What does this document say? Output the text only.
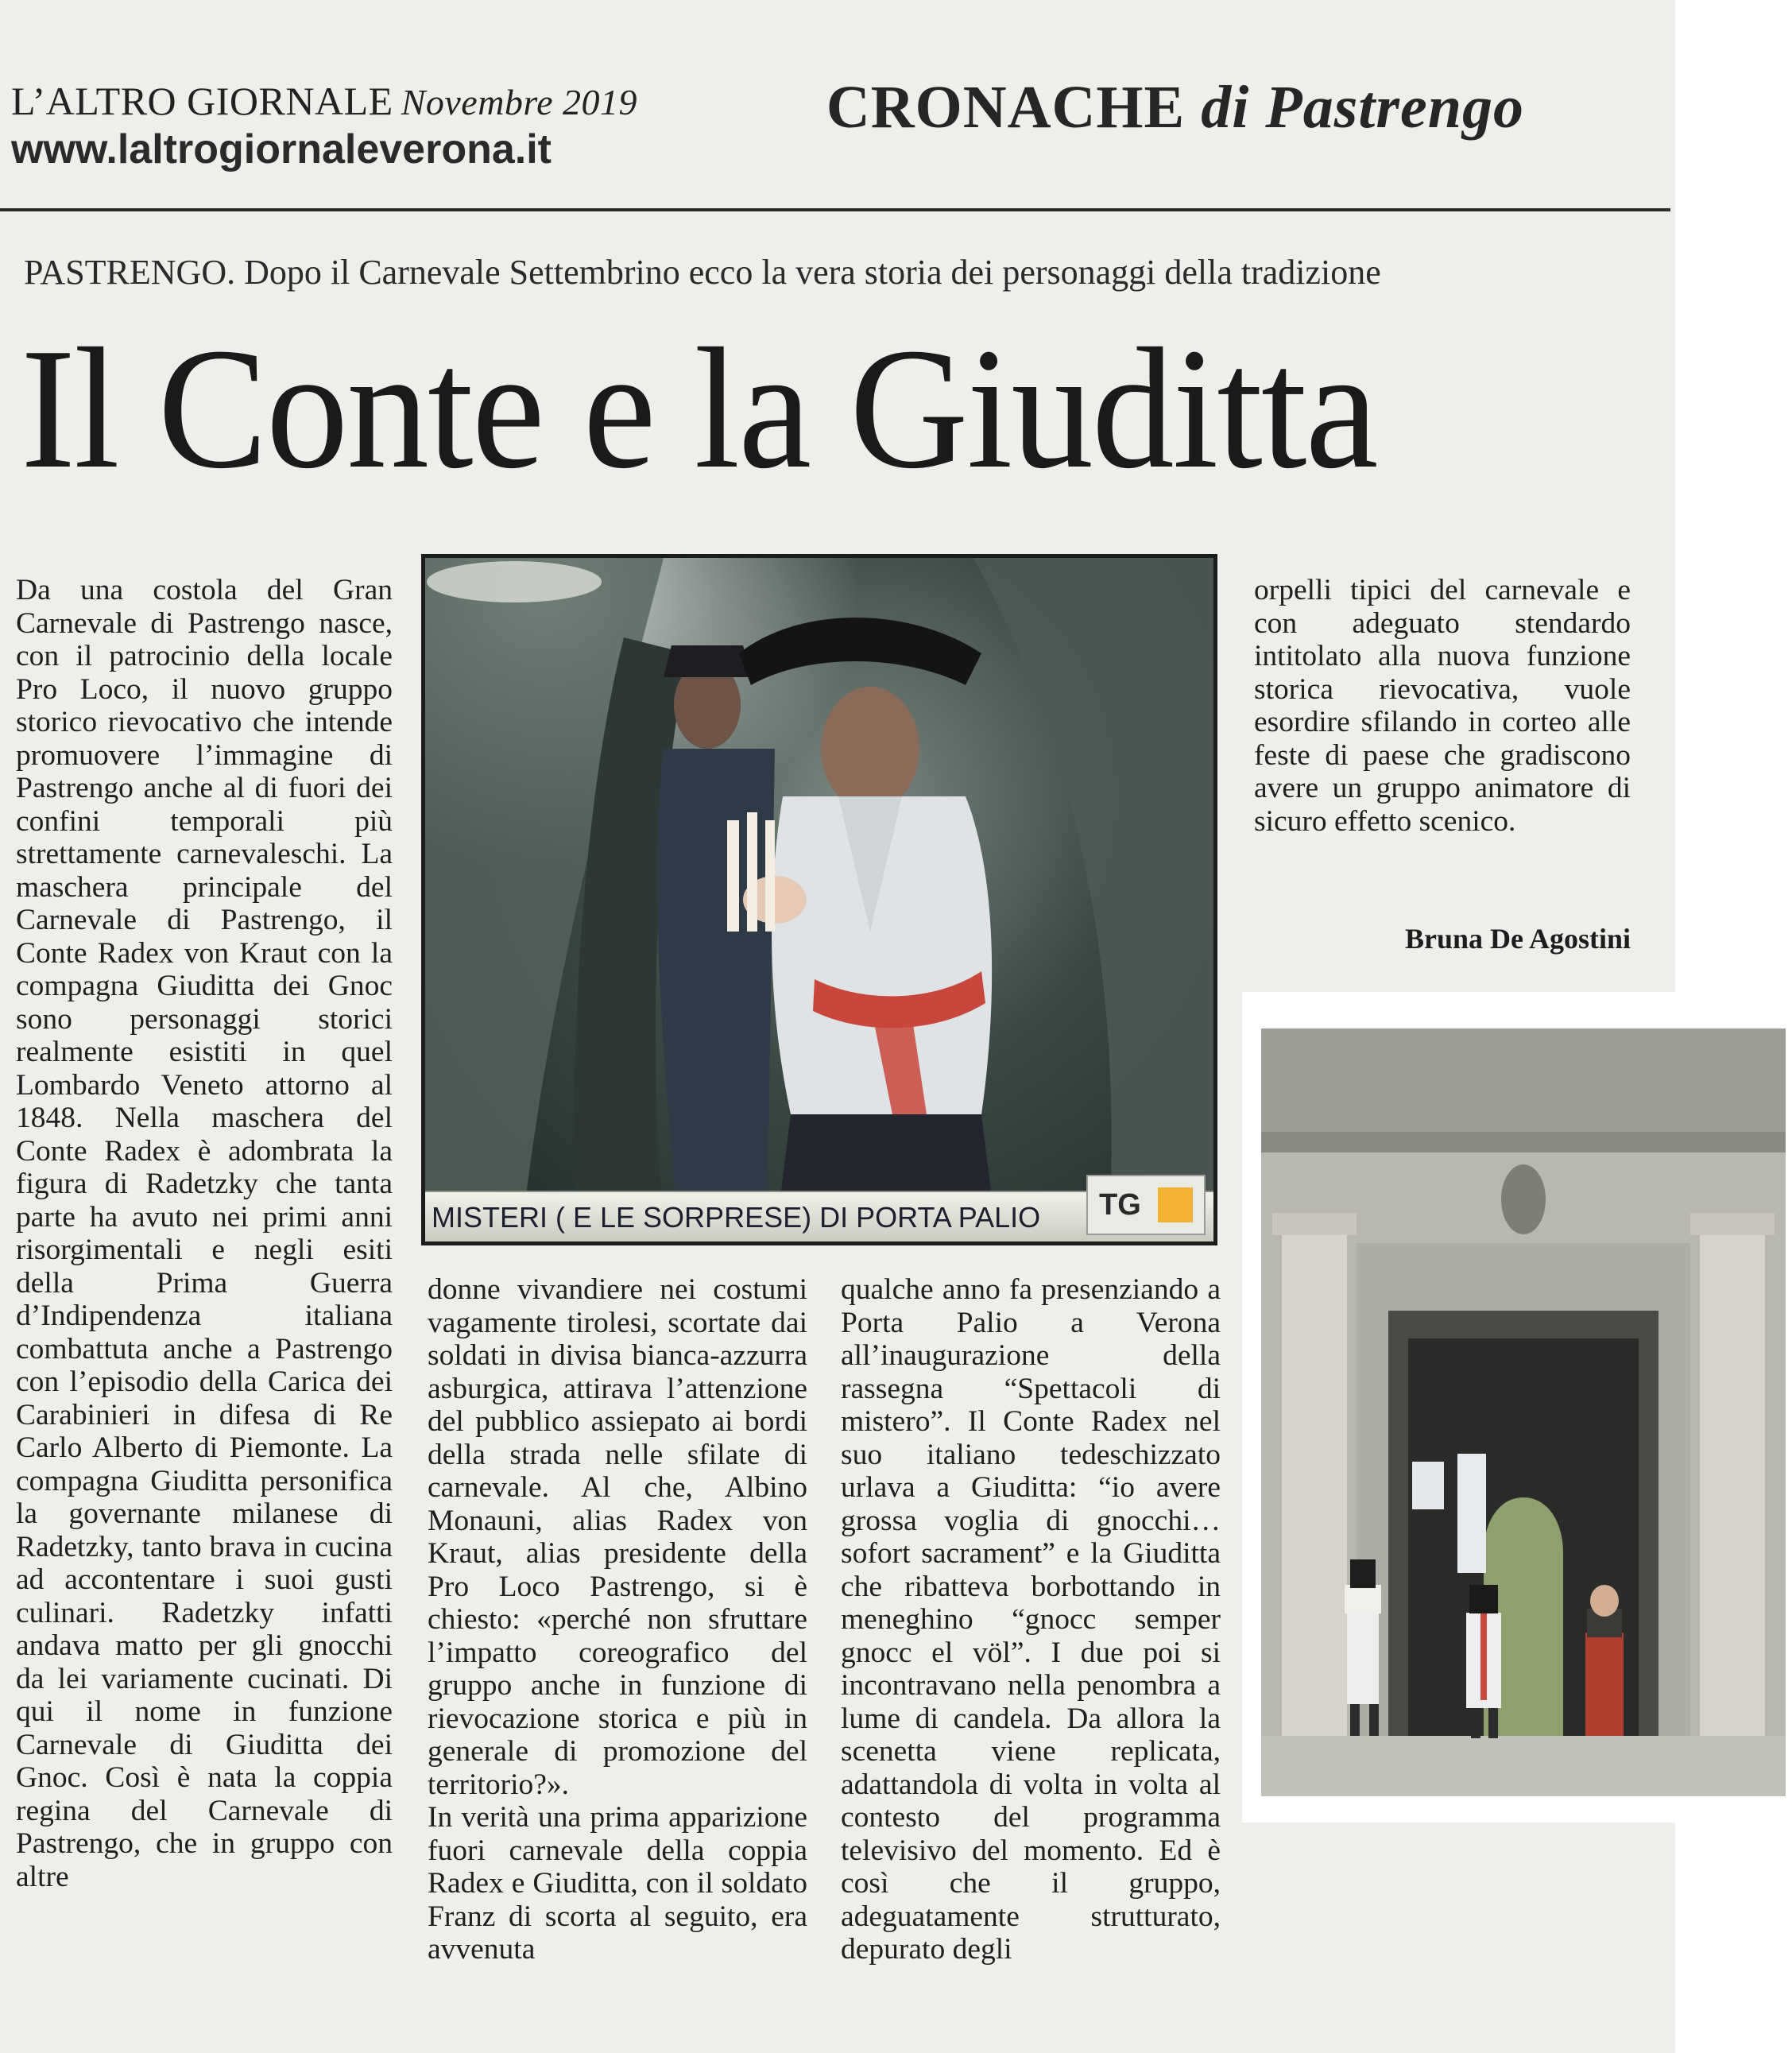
L’ALTRO GIORNALE Novembre 2019
www.laltrogiornaleverona.it
CRONACHE di Pastrengo
PASTRENGO. Dopo il Carnevale Settembrino ecco la vera storia dei personaggi della tradizione
Il Conte e la Giuditta

Da una costola del Gran Carnevale di Pastrengo nasce, con il patrocinio della locale Pro Loco, il nuovo gruppo storico rievocativo che intende promuovere l’immagine di Pastrengo anche al di fuori dei confini temporali più strettamente carnevaleschi. La maschera principale del Carnevale di Pastrengo, il Conte Radex von Kraut con la compagna Giuditta dei Gnoc sono personaggi storici realmente esistiti in quel Lombardo Veneto attorno al 1848. Nella maschera del Conte Radex è adombrata la figura di Radetzky che tanta parte ha avuto nei primi anni risorgimentali e negli esiti della Prima Guerra d’Indipendenza italiana combattuta anche a Pastrengo con l’episodio della Carica dei Carabinieri in difesa di Re Carlo Alberto di Piemonte. La compagna Giuditta personifica la governante milanese di Radetzky, tanto brava in cucina ad accontentare i suoi gusti culinari. Radetzky infatti andava matto per gli gnocchi da lei variamente cucinati. Di qui il nome in funzione Carnevale di Giuditta dei Gnoc. Così è nata la coppia regina del Carnevale di Pastrengo, che in gruppo con altre

MISTERI ( E LE SORPRESE) DI PORTA PALIO	TG

donne vivandiere nei costumi vagamente tirolesi, scortate dai soldati in divisa bianca-azzurra asburgica, attirava l’attenzione del pubblico assiepato ai bordi della strada nelle sfilate di carnevale. Al che, Albino Monauni, alias Radex von Kraut, alias presidente della Pro Loco Pastrengo, si è chiesto: «perché non sfruttare l’impatto coreografico del gruppo anche in funzione di rievocazione storica e più in generale di promozione del territorio?».

In verità una prima apparizione fuori carnevale della coppia Radex e Giuditta, con il soldato Franz di scorta al seguito, era avvenuta

qualche anno fa presenziando a Porta Palio a Verona all’inaugurazione della rassegna “Spettacoli di mistero”. Il Conte Radex nel suo italiano tedeschizzato urlava a Giuditta: “io avere grossa voglia di gnocchi… sofort sacrament” e la Giuditta che ribatteva borbottando in meneghino “gnocc semper gnocc el völ”. I due poi si incontravano nella penombra a lume di candela. Da allora la scenetta viene replicata, adattandola di volta in volta al contesto del programma televisivo del momento. Ed è così che il gruppo, adeguatamente strutturato, depurato degli

orpelli tipici del carnevale e con adeguato stendardo intitolato alla nuova funzione storica rievocativa, vuole esordire sfilando in corteo alle feste di paese che gradiscono avere un gruppo animatore di sicuro effetto scenico.

Bruna De Agostini
